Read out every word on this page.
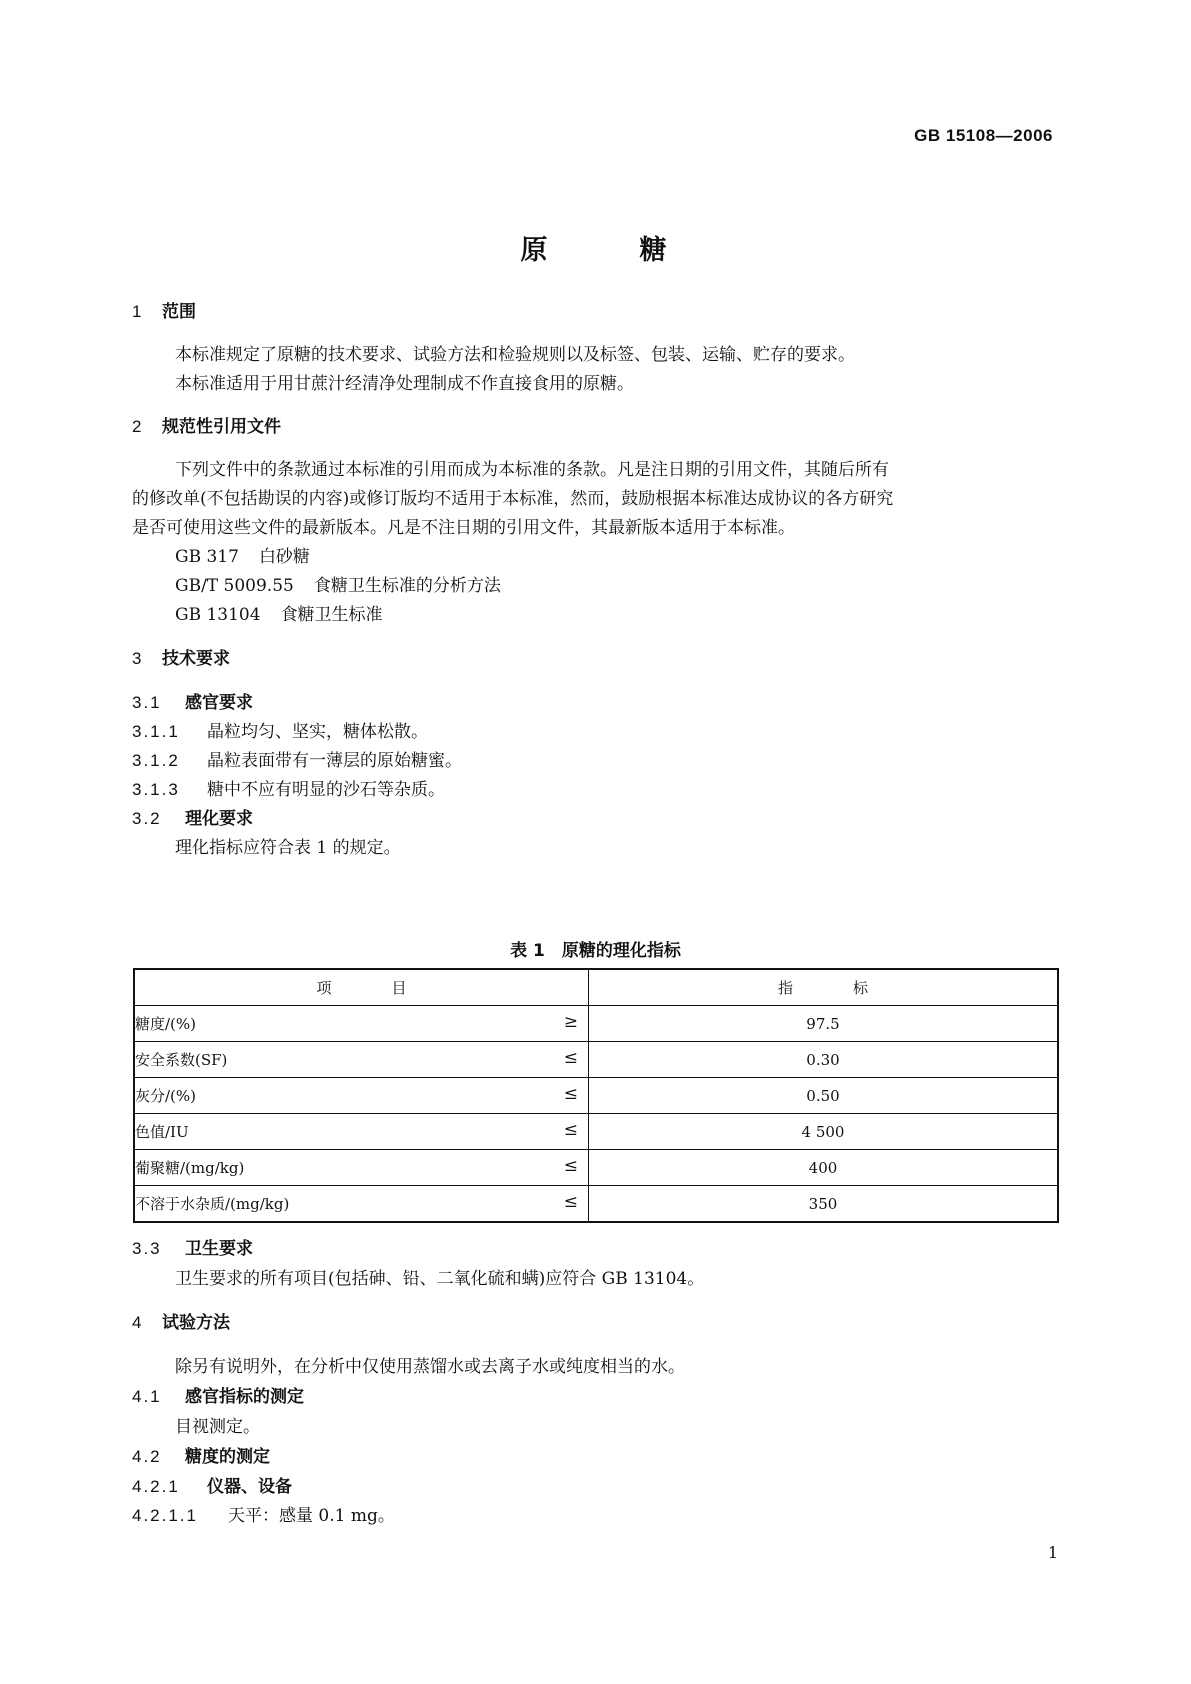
GB 15108—2006
原	糖
1 范围
本标准规定了原糖的技术要求、试验方法和检验规则以及标签、包装、运输、贮存的要求。
本标准适用于用甘蔗汁经清净处理制成不作直接食用的原糖。
2 规范性引用文件
下列文件中的条款通过本标准的引用而成为本标准的条款。凡是注日期的引用文件，其随后所有
的修改单(不包括勘误的内容)或修订版均不适用于本标准，然而，鼓励根据本标准达成协议的各方研究
是否可使用这些文件的最新版本。凡是不注日期的引用文件，其最新版本适用于本标准。
GB 317 白砂糖
GB/T 5009.55 食糖卫生标准的分析方法
GB 13104 食糖卫生标准
3 技术要求
3.1 感官要求
3.1.1 晶粒均匀、坚实，糖体松散。
3.1.2 晶粒表面带有一薄层的原始糖蜜。
3.1.3 糖中不应有明显的沙石等杂质。
3.2 理化要求
理化指标应符合表 1 的规定。
表 1　原糖的理化指标
项 目	指 标
糖度/(%) ≥	97.5
安全系数(SF) ≤	0.30
灰分/(%) ≤	0.50
色值/IU ≤	4 500
葡聚糖/(mg/kg) ≤	400
不溶于水杂质/(mg/kg) ≤	350
3.3 卫生要求
卫生要求的所有项目(包括砷、铅、二氧化硫和螨)应符合 GB 13104。
4 试验方法
除另有说明外，在分析中仅使用蒸馏水或去离子水或纯度相当的水。
4.1 感官指标的测定
目视测定。
4.2 糖度的测定
4.2.1 仪器、设备
4.2.1.1 天平：感量 0.1 mg。
1
